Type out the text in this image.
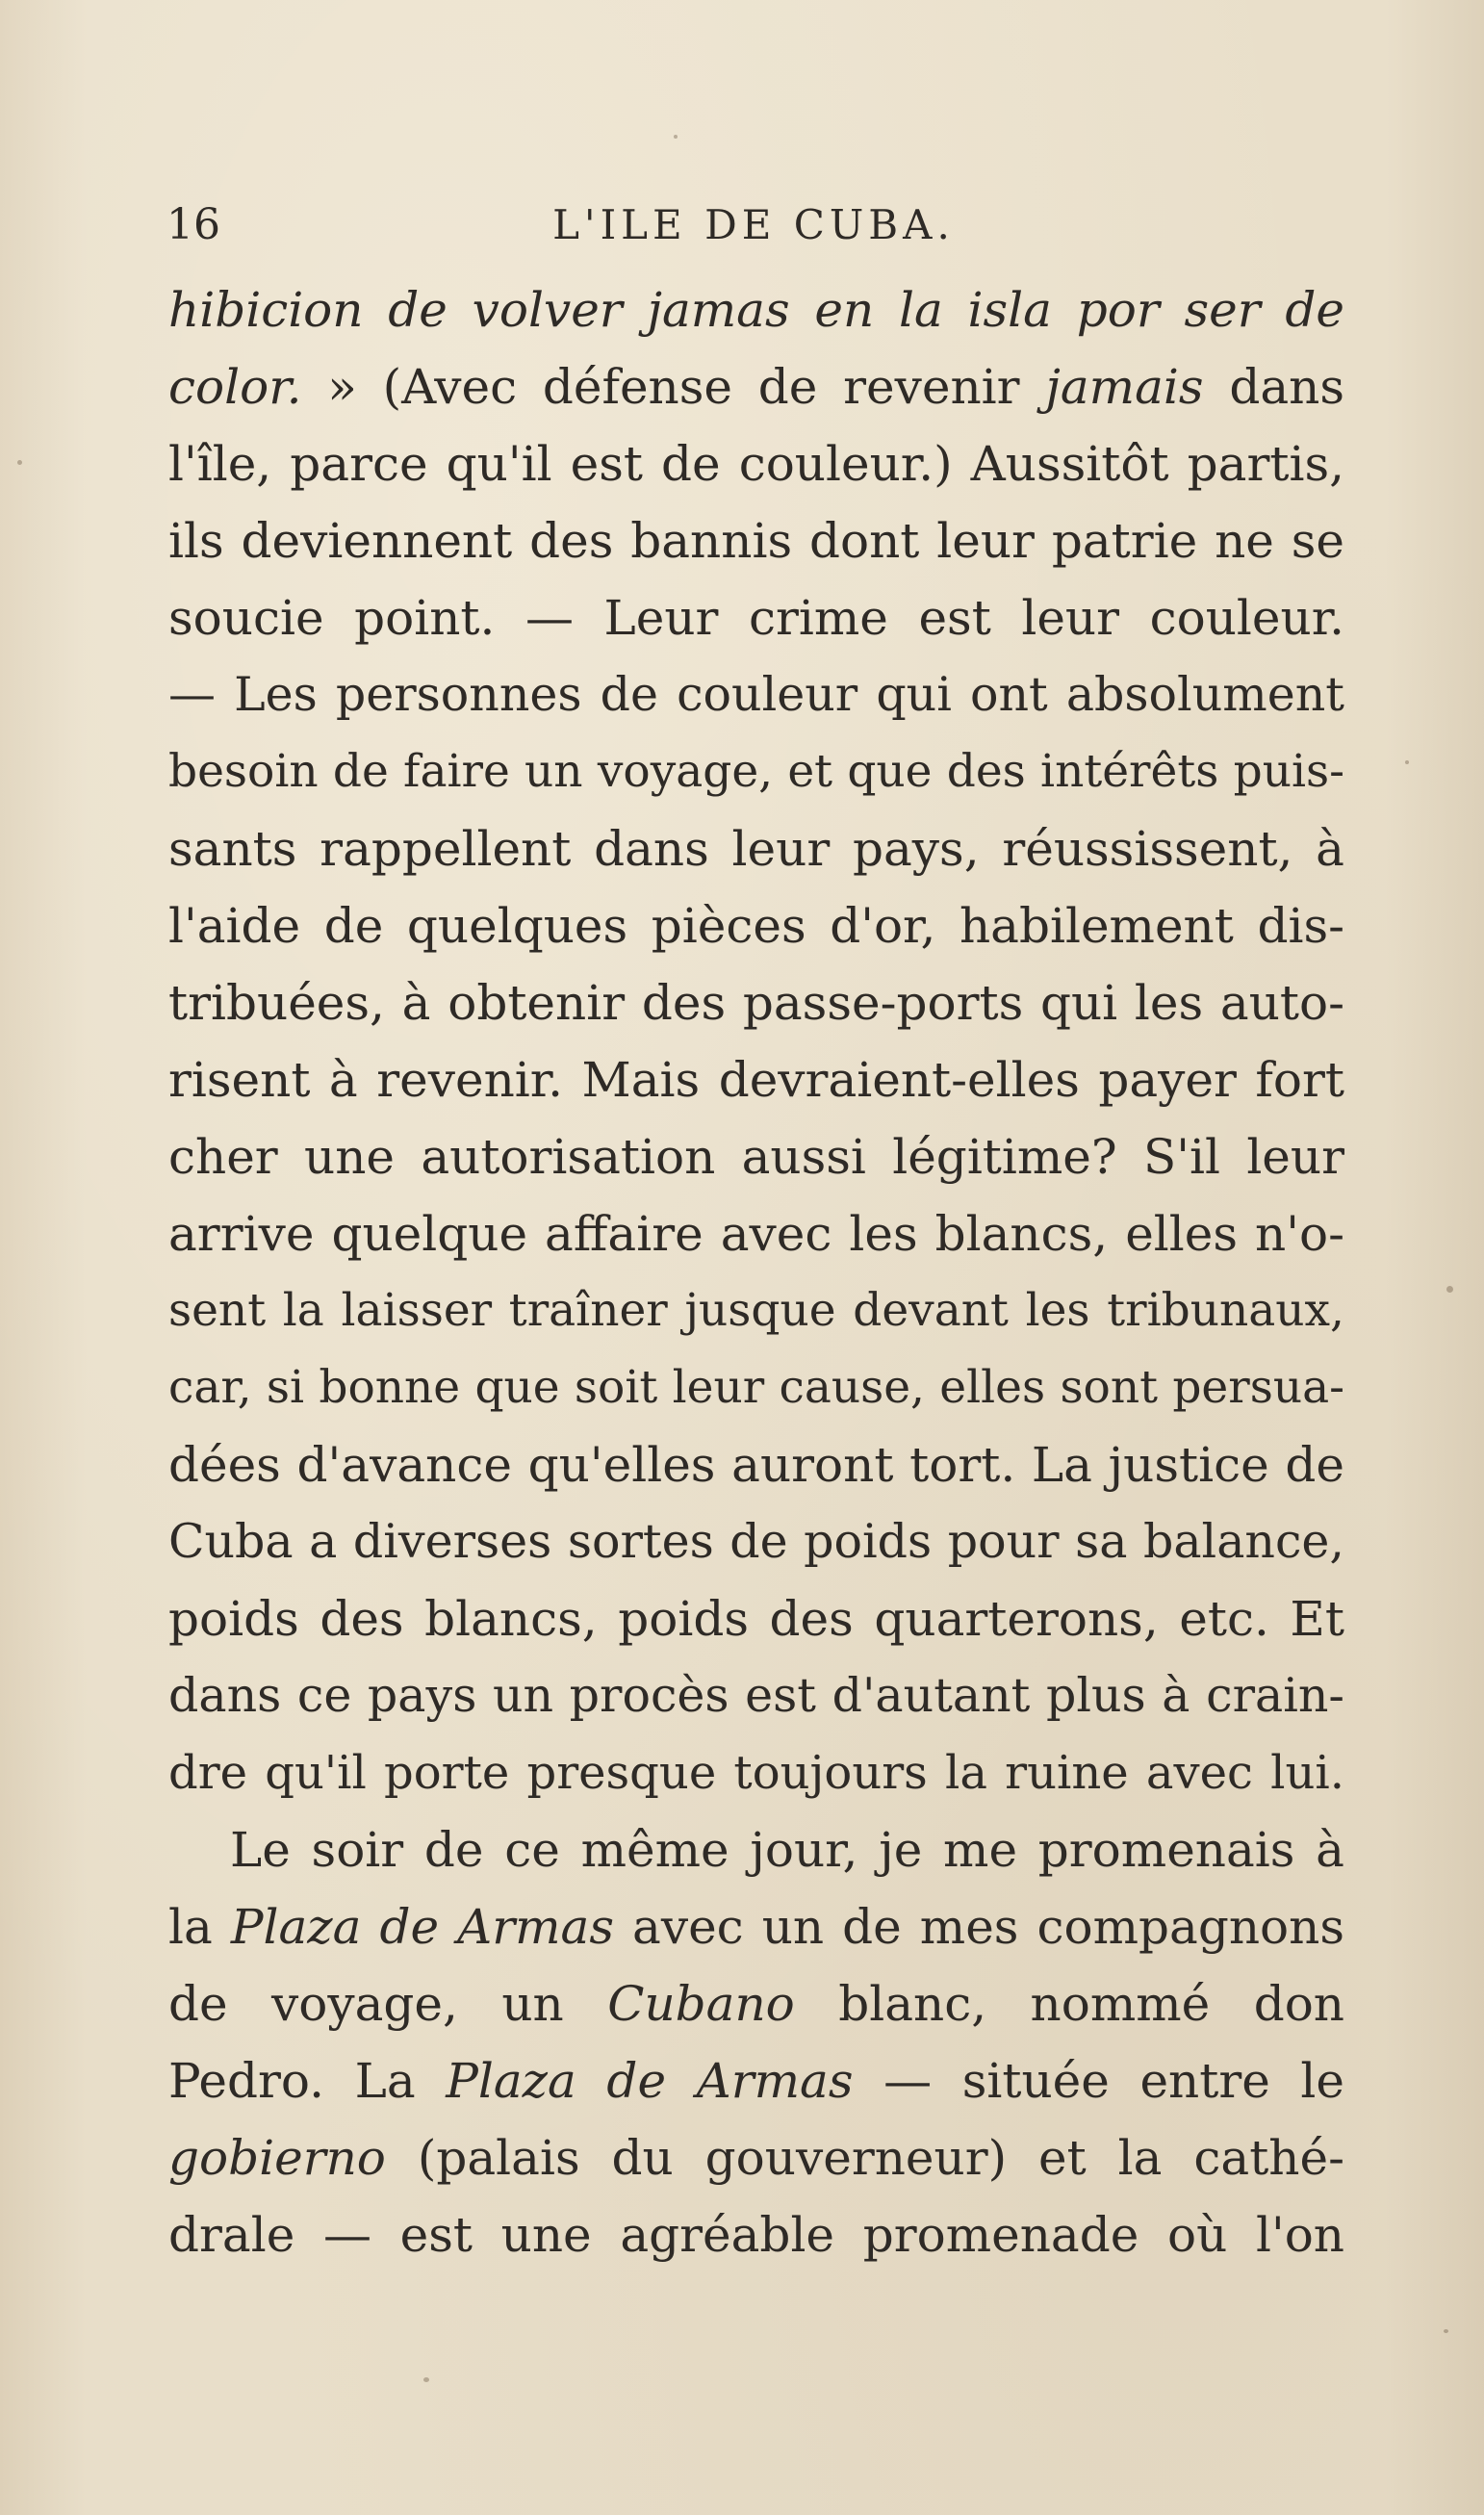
16	L'ILE DE CUBA.
hibicion de volver jamas en la isla por ser de
color. » (Avec défense de revenir jamais dans
l'île, parce qu'il est de couleur.) Aussitôt partis,
ils deviennent des bannis dont leur patrie ne se
soucie point. — Leur crime est leur couleur.
— Les personnes de couleur qui ont absolument
besoin de faire un voyage, et que des intérêts puis-
sants rappellent dans leur pays, réussissent, à
l'aide de quelques pièces d'or, habilement dis-
tribuées, à obtenir des passe-ports qui les auto-
risent à revenir. Mais devraient-elles payer fort
cher une autorisation aussi légitime? S'il leur
arrive quelque affaire avec les blancs, elles n'o-
sent la laisser traîner jusque devant les tribunaux,
car, si bonne que soit leur cause, elles sont persua-
dées d'avance qu'elles auront tort. La justice de
Cuba a diverses sortes de poids pour sa balance,
poids des blancs, poids des quarterons, etc. Et
dans ce pays un procès est d'autant plus à crain-
dre qu'il porte presque toujours la ruine avec lui.
Le soir de ce même jour, je me promenais à
la Plaza de Armas avec un de mes compagnons
de voyage, un Cubano blanc, nommé don
Pedro. La Plaza de Armas — située entre le
gobierno (palais du gouverneur) et la cathé-
drale — est une agréable promenade où l'on
